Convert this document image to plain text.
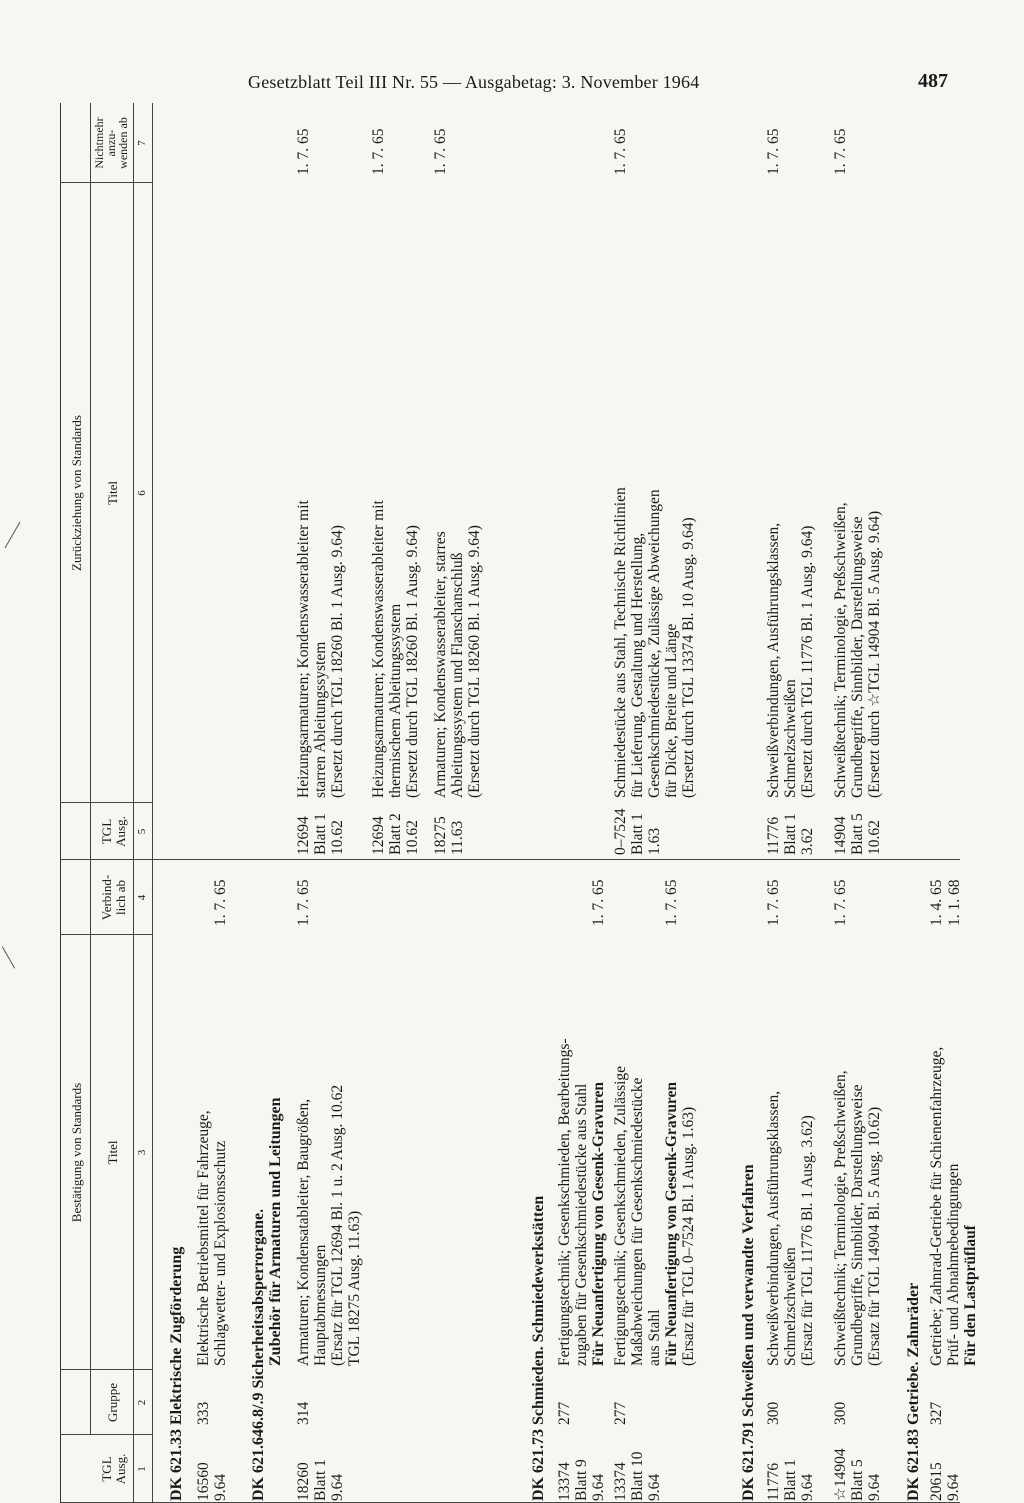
Gesetzblatt Teil III Nr. 55 — Ausgabetag: 3. November 1964	487
Bestätigung von Standards
Zurückziehung von Standards
TGL
Ausg.
Gruppe
Titel
Verbind-
lich ab
TGL
Ausg.
Titel
Nichtmehr
anzu-
wenden ab
1
2
3
4
5
6
7
DK 621.33 Elektrische Zugförderung 16560
9.64
333
Elektrische Betriebsmittel für Fahrzeuge,
Schlagwetter- und Explosionsschutz
1. 7. 65
DK 621.646.8/.9 Sicherheitsabsperrorgane. Zubehör für Armaturen und Leitungen
18260
Blatt 1
9.64
314
Armaturen; Kondensatableiter, Baugrößen,
Hauptabmessungen
(Ersatz für TGL 12694 Bl. 1 u. 2 Ausg. 10.62
TGL 18275 Ausg. 11.63)
1. 7. 65
12694
Blatt 1
10.62
Heizungsarmaturen; Kondenswasserableiter mit
starren Ableitungssystem
(Ersetzt durch TGL 18260 Bl. 1 Ausg. 9.64)
1. 7. 65
12694
Blatt 2
10.62
Heizungsarmaturen; Kondenswasserableiter mit
thermischem Ableitungssystem
(Ersetzt durch TGL 18260 Bl. 1 Ausg. 9.64)
1. 7. 65
18275
11.63
Armaturen; Kondenswasserableiter, starres
Ableitungssystem und Flanschanschluß
(Ersetzt durch TGL 18260 Bl. 1 Ausg. 9.64)
1. 7. 65
DK 621.73 Schmieden. Schmiedewerkstätten 13374
Blatt 9
9.64
277
Fertigungstechnik; Gesenkschmieden, Bearbeitungs-
zugaben für Gesenkschmiedestücke aus Stahl Für Neuanfertigung von Gesenk-Gravuren
1. 7. 65
13374
Blatt 10
9.64
277
Fertigungstechnik; Gesenkschmieden, Zulässige
Maßabweichungen für Gesenkschmiedestücke
aus Stahl Für Neuanfertigung von Gesenk-Gravuren (Ersatz für TGL 0–7524 Bl. 1 Ausg. 1.63)
1. 7. 65
0–7524
Blatt 1
1.63
Schmiedestücke aus Stahl, Technische Richtlinien
für Lieferung, Gestaltung und Herstellung,
Gesenkschmiedestücke, Zulässige Abweichungen
für Dicke, Breite und Länge
(Ersetzt durch TGL 13374 Bl. 10 Ausg. 9.64)
1. 7. 65
DK 621.791 Schweißen und verwandte Verfahren 11776
Blatt 1
9.64
300
Schweißverbindungen, Ausführungsklassen,
Schmelzschweißen
(Ersatz für TGL 11776 Bl. 1 Ausg. 3.62)
1. 7. 65
11776
Blatt 1
3.62
Schweißverbindungen, Ausführungsklassen,
Schmelzschweißen
(Ersetzt durch TGL 11776 Bl. 1 Ausg. 9.64)
1. 7. 65
☆14904
Blatt 5
9.64
300
Schweißtechnik; Terminologie, Preßschweißen,
Grundbegriffe, Sinnbilder, Darstellungsweise
(Ersatz für TGL 14904 Bl. 5 Ausg. 10.62)
1. 7. 65
14904
Blatt 5
10.62
Schweißtechnik; Terminologie, Preßschweißen,
Grundbegriffe, Sinnbilder, Darstellungsweise
(Ersetzt durch ☆TGL 14904 Bl. 5 Ausg. 9.64)
1. 7. 65
DK 621.83 Getriebe. Zahnräder 20615
9.64
327
Getriebe; Zahnrad-Getriebe für Schienenfahrzeuge,
Prüf- und Abnahmebedingungen Für den Lastprüflauf
1. 4. 65 1. 1. 68
